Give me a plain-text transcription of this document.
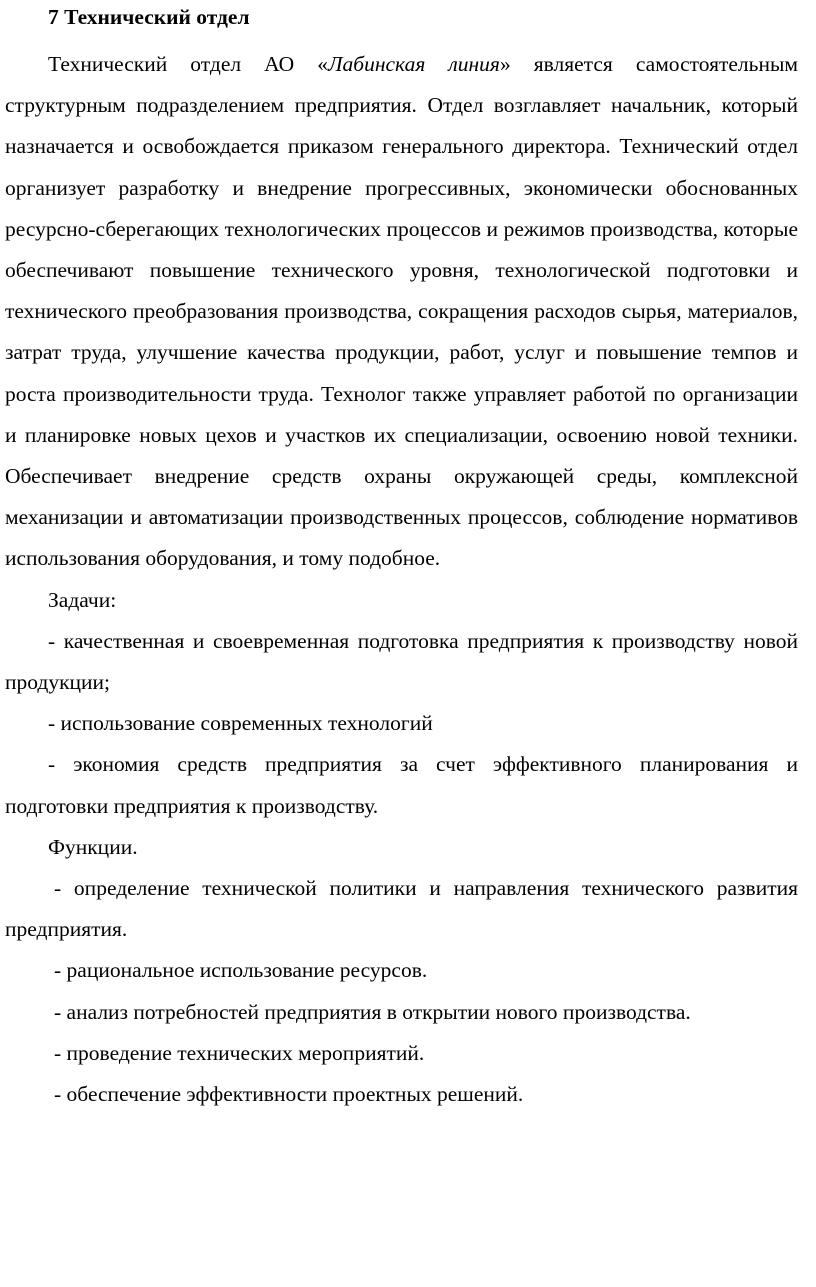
7 Технический отдел

Технический отдел АО «Лабинская линия» является самостоятельным структурным подразделением предприятия. Отдел возглавляет начальник, который назначается и освобождается приказом генерального директора. Технический отдел организует разработку и внедрение прогрессивных, экономически обоснованных ресурсно-сберегающих технологических процессов и режимов производства, которые обеспечивают повышение технического уровня, технологической подготовки и технического преобразования производства, сокращения расходов сырья, материалов, затрат труда, улучшение качества продукции, работ, услуг и повышение темпов и роста производительности труда. Технолог также управляет работой по организации и планировке новых цехов и участков их специализации, освоению новой техники. Обеспечивает внедрение средств охраны окружающей среды, комплексной механизации и автоматизации производственных процессов, соблюдение нормативов использования оборудования, и тому подобное.

Задачи:

- качественная и своевременная подготовка предприятия к производству новой продукции;

- использование современных технологий

- экономия средств предприятия за счет эффективного планирования и подготовки предприятия к производству.

Функции.

- определение технической политики и направления технического развития предприятия.

- рациональное использование ресурсов.

- анализ потребностей предприятия в открытии нового производства.

- проведение технических мероприятий.

- обеспечение эффективности проектных решений.
